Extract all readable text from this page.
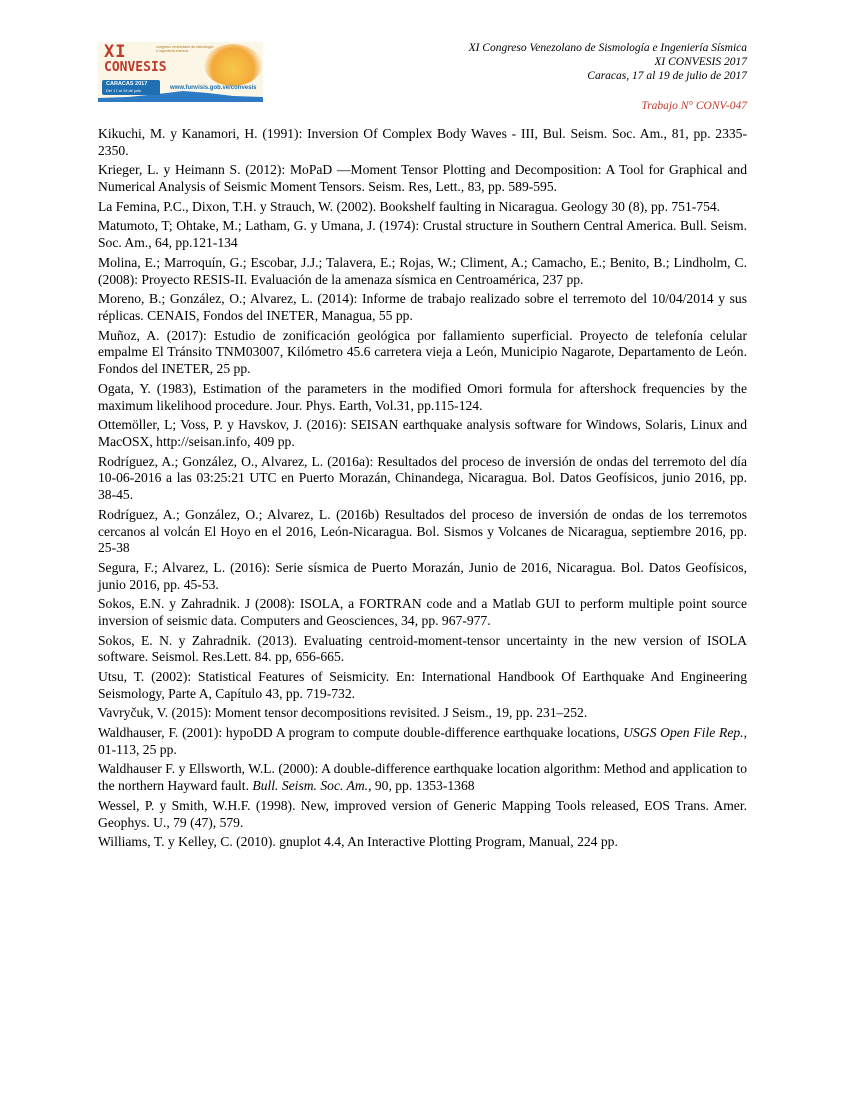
XI
CONVESIS
congreso venezolano de sismología e ingeniería sísmica
CARACAS 2017
Del 17 al 19 de julio	www.funvisis.gob.ve/convesis
XI Congreso Venezolano de Sismología e Ingeniería Sísmica
XI CONVESIS 2017
Caracas, 17 al 19 de julio de 2017
Trabajo N° CONV-047

Kikuchi, M. y Kanamori, H. (1991): Inversion Of Complex Body Waves - III, Bul. Seism. Soc. Am., 81, pp. 2335-2350.

Krieger, L. y Heimann S. (2012): MoPaD —Moment Tensor Plotting and Decomposition: A Tool for Graphical and Numerical Analysis of Seismic Moment Tensors. Seism. Res, Lett., 83, pp. 589-595.

La Femina, P.C., Dixon, T.H. y Strauch, W. (2002). Bookshelf faulting in Nicaragua. Geology 30 (8), pp. 751-754.

Matumoto, T; Ohtake, M.; Latham, G. y Umana, J. (1974): Crustal structure in Southern Central America. Bull. Seism. Soc. Am., 64, pp.121-134

Molina, E.; Marroquín, G.; Escobar, J.J.; Talavera, E.; Rojas, W.; Climent, A.; Camacho, E.; Benito, B.; Lindholm, C. (2008): Proyecto RESIS-II. Evaluación de la amenaza sísmica en Centroamérica, 237 pp.

Moreno, B.; González, O.; Alvarez, L. (2014): Informe de trabajo realizado sobre el terremoto del 10/04/2014 y sus réplicas. CENAIS, Fondos del INETER, Managua, 55 pp.

Muñoz, A. (2017): Estudio de zonificación geológica por fallamiento superficial. Proyecto de telefonía celular empalme El Tránsito TNM03007, Kilómetro 45.6 carretera vieja a León, Municipio Nagarote, Departamento de León. Fondos del INETER, 25 pp.

Ogata, Y. (1983), Estimation of the parameters in the modified Omori formula for aftershock frequencies by the maximum likelihood procedure. Jour. Phys. Earth, Vol.31, pp.115-124.

Ottemöller, L; Voss, P. y Havskov, J. (2016): SEISAN earthquake analysis software for Windows, Solaris, Linux and MacOSX, http://seisan.info, 409 pp.

Rodríguez, A.; González, O., Alvarez, L. (2016a): Resultados del proceso de inversión de ondas del terremoto del día 10-06-2016 a las 03:25:21 UTC en Puerto Morazán, Chinandega, Nicaragua. Bol. Datos Geofísicos, junio 2016, pp. 38-45.

Rodríguez, A.; González, O.; Alvarez, L. (2016b) Resultados del proceso de inversión de ondas de los terremotos cercanos al volcán El Hoyo en el 2016, León-Nicaragua. Bol. Sismos y Volcanes de Nicaragua, septiembre 2016, pp. 25-38

Segura, F.; Alvarez, L. (2016): Serie sísmica de Puerto Morazán, Junio de 2016, Nicaragua. Bol. Datos Geofísicos, junio 2016, pp. 45-53.

Sokos, E.N. y Zahradnik. J (2008): ISOLA, a FORTRAN code and a Matlab GUI to perform multiple point source inversion of seismic data. Computers and Geosciences, 34, pp. 967-977.

Sokos, E. N. y Zahradnik. (2013). Evaluating centroid-moment-tensor uncertainty in the new version of ISOLA software. Seismol. Res.Lett. 84. pp, 656-665.

Utsu, T. (2002): Statistical Features of Seismicity. En: International Handbook Of Earthquake And Engineering Seismology, Parte A, Capítulo 43, pp. 719-732.

Vavryčuk, V. (2015): Moment tensor decompositions revisited. J Seism., 19, pp. 231–252.

Waldhauser, F. (2001): hypoDD A program to compute double-difference earthquake locations, USGS Open File Rep., 01-113, 25 pp.

Waldhauser F. y Ellsworth, W.L. (2000): A double-difference earthquake location algorithm: Method and application to the northern Hayward fault. Bull. Seism. Soc. Am., 90, pp. 1353-1368

Wessel, P. y Smith, W.H.F. (1998). New, improved version of Generic Mapping Tools released, EOS Trans. Amer. Geophys. U., 79 (47), 579.

Williams, T. y Kelley, C. (2010). gnuplot 4.4, An Interactive Plotting Program, Manual, 224 pp.
